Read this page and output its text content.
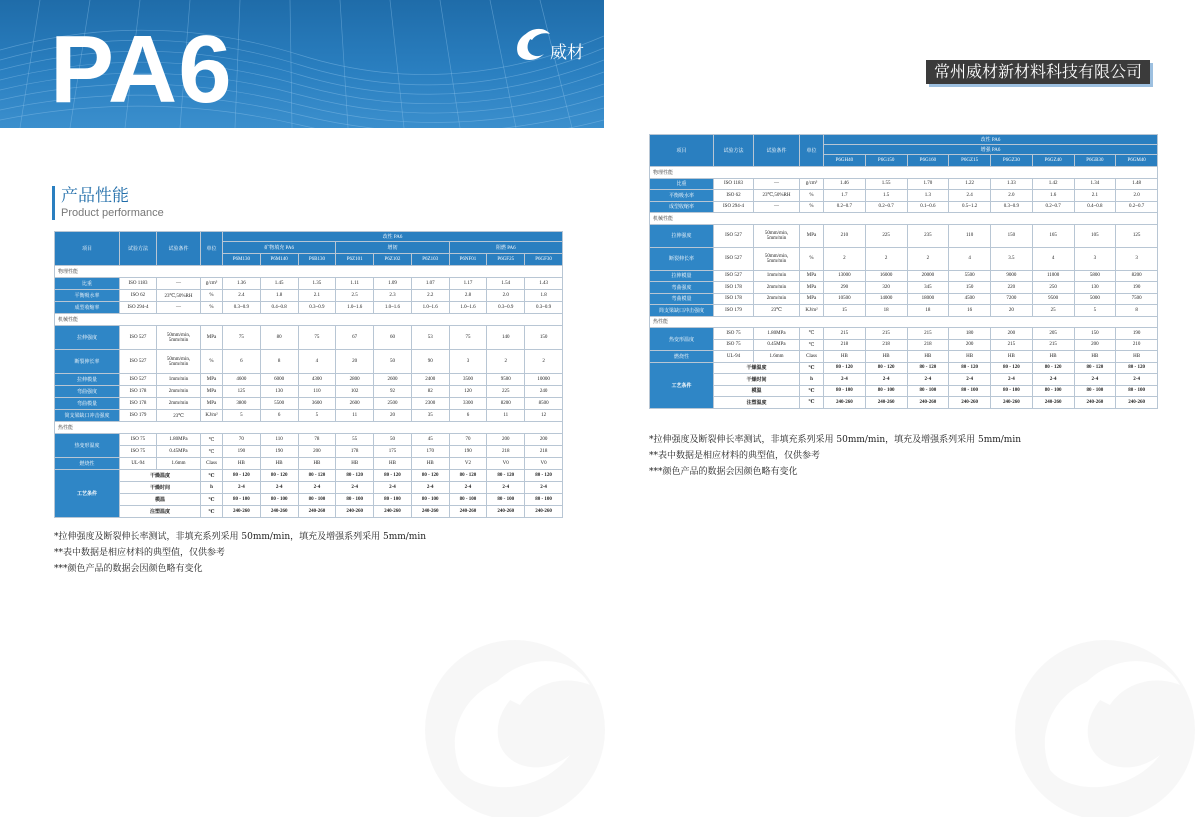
PA6	威材
常州威材新材料科技有限公司
产品性能
Product performance
项目	试验方法	试验条件	单位	改性 PA6								
				矿物填充 PA6			增韧			阻燃 PA6		
				P6M130	P6M140	P6B130	P6Z101	P6Z102	P6Z103	P6NF01	P6GF25	P6GF30
物理性能												
比重	ISO 1183	—	g/cm³	1.36	1.45	1.35	1.11	1.09	1.07	1.17	1.54	1.43
平衡吸水率	ISO 62	23℃,50%RH	%	2.4	1.8	2.1	2.5	2.3	2.2	2.8	2.0	1.8
成型收缩率	ISO 294-4	—	%	0.3~0.9	0.4~0.8	0.3~0.9	1.0~1.6	1.0~1.6	1.0~1.6	1.0~1.6	0.3~0.9	0.3~0.9
机械性能												
拉伸强度	ISO 527	50mm/min,
5mm/min	MPa	75	80	75	67	60	53	75	140	150
断裂伸长率	ISO 527	50mm/min,
5mm/min	%	6	8	4	20	50	90	3	2	2
拉伸模量	ISO 527	1mm/min	MPa	4600	6000	4300	2800	2600	2400	3500	9500	10000
弯曲强度	ISO 178	2mm/min	MPa	125	130	110	102	92	82	120	225	240
弯曲模量	ISO 178	2mm/min	MPa	3800	5500	3600	2600	2500	2300	3300	8200	8500
简支梁缺口冲击强度	ISO 179	23℃	KJ/m²	5	6	5	11	20	35	6	11	12
热性能												
热变形温度	ISO 75	1.80MPa	℃	70	110	78	55	50	45	70	200	200
	ISO 75	0.45MPa	℃	190	190	200	178	175	170	190	218	218
燃烧性	UL-94	1.6mm	Class	HB	HB	HB	HB	HB	HB	V2	V0	V0
工艺条件	干燥温度		℃	80 - 120	80 - 120	80 - 120	80 - 120	80 - 120	80 - 120	80 - 120	80 - 120	80 - 120
	干燥时间		h	2-4	2-4	2-4	2-4	2-4	2-4	2-4	2-4	2-4
	模温		℃	80 - 100	80 - 100	80 - 100	80 - 100	80 - 100	80 - 100	80 - 100	80 - 100	80 - 100
	注塑温度		℃	240-260	240-260	240-260	240-260	240-260	240-260	240-260	240-260	240-260
*拉伸强度及断裂伸长率测试，非填充系列采用 50mm/min，填充及增强系列采用 5mm/min
**表中数据是相应材料的典型值，仅供参考
***颜色产品的数据会因颜色略有变化
项目	试验方法	试验条件	单位	改性 PA6							
				增强 PA6							
				P6GH40	P6G150	P6G160	P6GZ15	P6GZ30	P6GZ40	P6GB30	P6GM40
物理性能											
比重	ISO 1183	—	g/cm³	1.46	1.55	1.70	1.22	1.33	1.42	1.34	1.48
平衡吸水率	ISO 62	23℃,50%RH	%	1.7	1.5	1.3	2.4	2.0	1.6	2.1	2.0
成型收缩率	ISO 294-4	—	%	0.2~0.7	0.2~0.7	0.1~0.6	0.5~1.2	0.3~0.9	0.2~0.7	0.4~0.8	0.2~0.7
机械性能											
拉伸强度	ISO 527	50mm/min,
5mm/min	MPa	210	225	235	110	150	165	105	125
断裂伸长率	ISO 527	50mm/min,
5mm/min	%	2	2	2	4	3.5	4	3	3
拉伸模量	ISO 527	1mm/min	MPa	13000	16000	20000	5500	9000	11000	5800	8200
弯曲强度	ISO 178	2mm/min	MPa	290	320	345	150	220	250	130	190
弯曲模量	ISO 178	2mm/min	MPa	10500	14000	18000	4500	7200	9500	5000	7500
简支梁缺口冲击强度	ISO 179	23℃	KJ/m²	15	18	18	16	20	25	5	8
热性能											
热变形温度	ISO 75	1.80MPa	℃	215	215	215	180	200	205	150	190
	ISO 75	0.45MPa	℃	218	218	218	200	215	215	200	210
燃烧性	UL-94	1.6mm	Class	HB	HB	HB	HB	HB	HB	HB	HB
工艺条件	干燥温度		℃	80 - 120	80 - 120	80 - 120	80 - 120	80 - 120	80 - 120	80 - 120	80 - 120
	干燥时间		h	2-4	2-4	2-4	2-4	2-4	2-4	2-4	2-4
	模温		℃	80 - 100	80 - 100	80 - 100	80 - 100	80 - 100	80 - 100	80 - 100	80 - 100
	注塑温度		℃	240-260	240-260	240-260	240-260	240-260	240-260	240-260	240-260
*拉伸强度及断裂伸长率测试，非填充系列采用 50mm/min，填充及增强系列采用 5mm/min
**表中数据是相应材料的典型值，仅供参考
***颜色产品的数据会因颜色略有变化
